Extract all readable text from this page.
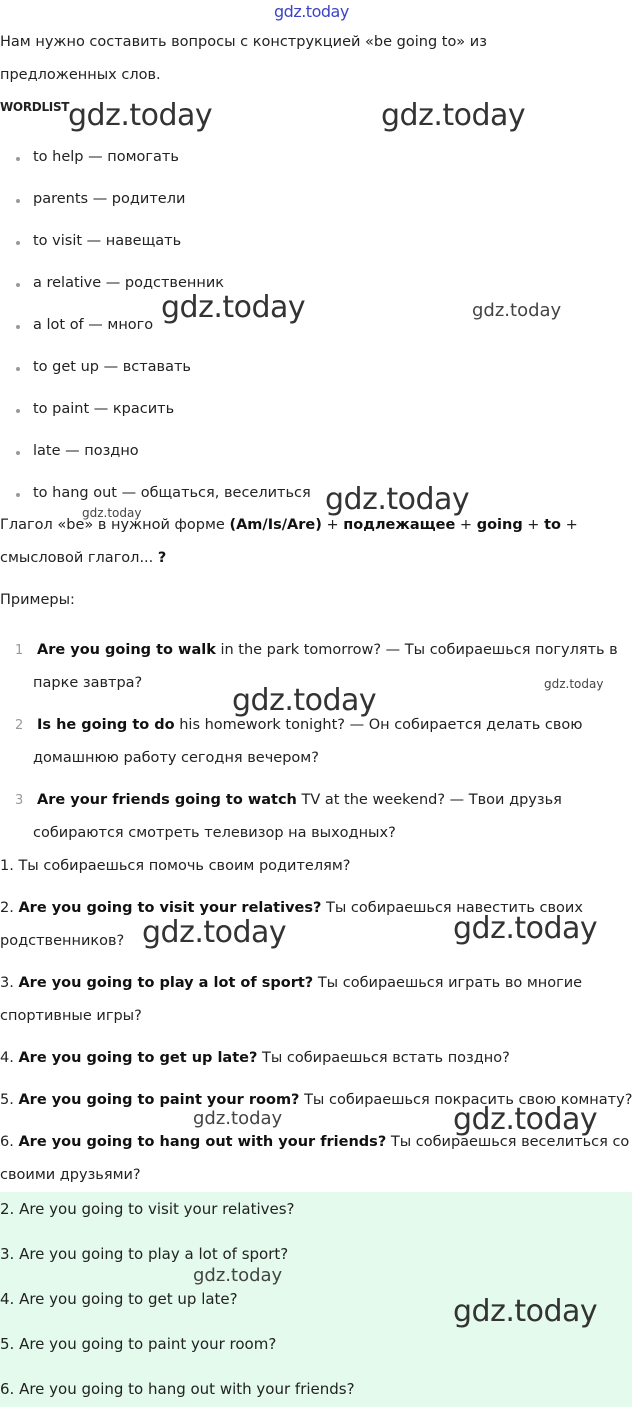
gdz.today
Нам нужно составить вопросы с конструкцией «be going to» из
предложенных слов.
WORDLIST
to help — помогать
parents — родители
to visit — навещать
a relative — родственник
a lot of — много
to get up — вставать
to paint — красить
late — поздно
to hang out — общаться, веселиться
Глагол «be» в нужной форме (Am/Is/Are) + подлежащее + going + to +
смысловой глагол... ?
Примеры:
1 Are you going to walk in the park tomorrow? — Ты собираешься погулять в
парке завтра?
2 Is he going to do his homework tonight? — Он собирается делать свою
домашнюю работу сегодня вечером?
3 Are your friends going to watch TV at the weekend? — Твои друзья
собираются смотреть телевизор на выходных?
1. Ты собираешься помочь своим родителям?
2. Are you going to visit your relatives? Ты собираешься навестить своих
родственников?
3. Are you going to play a lot of sport? Ты собираешься играть во многие
спортивные игры?
4. Are you going to get up late? Ты собираешься встать поздно?
5. Are you going to paint your room? Ты собираешься покрасить свою комнату?
6. Are you going to hang out with your friends? Ты собираешься веселиться со
своими друзьями?
2. Are you going to visit your relatives?
3. Are you going to play a lot of sport?
4. Are you going to get up late?
5. Are you going to paint your room?
6. Are you going to hang out with your friends?
gdz.today	gdz.today
gdz.today	gdz.today
gdz.today
gdz.today
gdz.today	gdz.today
gdz.today	gdz.today
gdz.today	gdz.today
gdz.today
gdz.today
